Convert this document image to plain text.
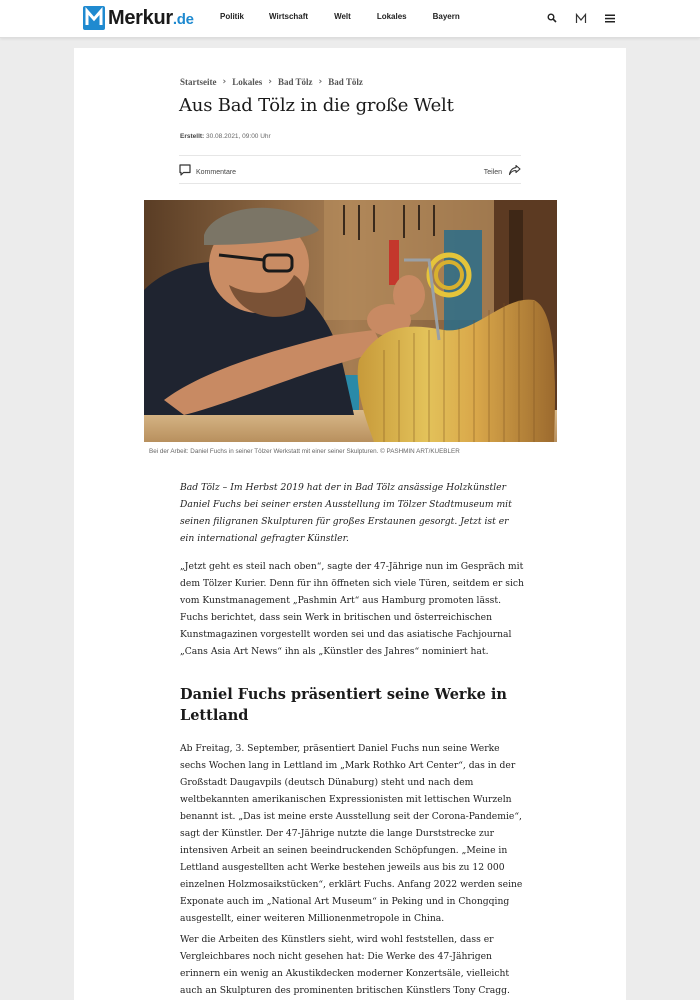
Merkur.de	Politik	Wirtschaft	Welt	Lokales	Bayern
Startseite › Lokales › Bad Tölz › Bad Tölz
Aus Bad Tölz in die große Welt
Erstellt: 30.08.2021, 09:00 Uhr
Kommentare	Teilen
Bei der Arbeit: Daniel Fuchs in seiner Tölzer Werkstatt mit einer seiner Skulpturen. © PASHMIN ART/KUEBLER

Bad Tölz – Im Herbst 2019 hat der in Bad Tölz ansässige Holzkünstler Daniel Fuchs bei seiner ersten Ausstellung im Tölzer Stadtmuseum mit seinen filigranen Skulpturen für großes Erstaunen gesorgt. Jetzt ist er ein international gefragter Künstler.

„Jetzt geht es steil nach oben“, sagte der 47-Jährige nun im Gespräch mit dem Tölzer Kurier. Denn für ihn öffneten sich viele Türen, seitdem er sich vom Kunstmanagement „Pashmin Art“ aus Hamburg promoten lässt. Fuchs berichtet, dass sein Werk in britischen und österreichischen Kunstmagazinen vorgestellt worden sei und das asiatische Fachjournal „Cans Asia Art News“ ihn als „Künstler des Jahres“ nominiert hat.

Daniel Fuchs präsentiert seine Werke in Lettland

Ab Freitag, 3. September, präsentiert Daniel Fuchs nun seine Werke sechs Wochen lang in Lettland im „Mark Rothko Art Center“, das in der Großstadt Daugavpils (deutsch Dünaburg) steht und nach dem weltbekannten amerikanischen Expressionisten mit lettischen Wurzeln benannt ist. „Das ist meine erste Ausstellung seit der Corona-Pandemie“, sagt der Künstler. Der 47-Jährige nutzte die lange Durststrecke zur intensiven Arbeit an seinen beeindruckenden Schöpfungen. „Meine in Lettland ausgestellten acht Werke bestehen jeweils aus bis zu 12 000 einzelnen Holzmosaikstücken“, erklärt Fuchs. Anfang 2022 werden seine Exponate auch im „National Art Museum“ in Peking und in Chongqing ausgestellt, einer weiteren Millionenmetropole in China.

Wer die Arbeiten des Künstlers sieht, wird wohl feststellen, dass er Vergleichbares noch nicht gesehen hat: Die Werke des 47-Jährigen erinnern ein wenig an Akustikdecken moderner Konzertsäle, vielleicht auch an Skulpturen des prominenten britischen Künstlers Tony Cragg.
